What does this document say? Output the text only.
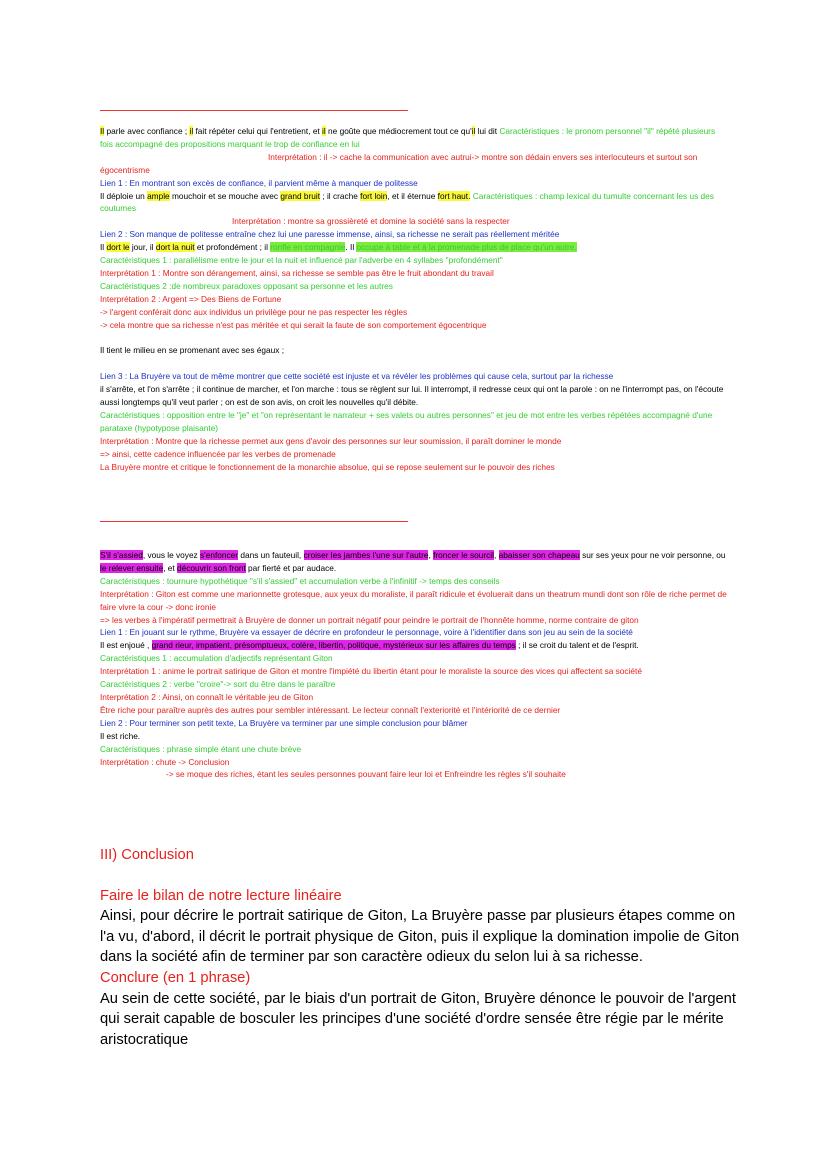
Il parle avec confiance ; il fait répéter celui qui l'entretient, et il ne goûte que médiocrement tout ce qu'il lui dit Caractéristiques : le pronom personnel "il" répété plusieurs fois accompagné des propositions marquant le trop de confiance en lui

Interprétation : il -> cache la communication avec autrui-> montre son dédain envers ses interlocuteurs et surtout son égocentrisme

Lien 1 : En montrant son excès de confiance, il parvient même à manquer de politesse

Il déploie un ample mouchoir et se mouche avec grand bruit ; il crache fort loin, et il éternue fort haut. Caractéristiques : champ lexical du tumulte concernant les us des coutumes

Interprétation : montre sa grossièreté et domine la société sans la respecter

Lien 2 : Son manque de politesse entraîne chez lui une paresse immense, ainsi, sa richesse ne serait pas réellement méritée

Il dort le jour, il dort la nuit et profondément ; il ronfle en compagnie. Il occupe à table et à la promenade plus de place qu'un autre.

Caractéristiques 1 : parallélisme entre le jour et la nuit et influencé par l'adverbe en 4 syllabes "profondément"

Interprétation 1 : Montre son dérangement, ainsi, sa richesse se semble pas être le fruit abondant du travail

Caractéristiques 2 :de nombreux paradoxes opposant sa personne et les autres

Interprétation 2 : Argent => Des Biens de Fortune

-> l'argent conférait donc aux individus un privilège pour ne pas respecter les règles

-> cela montre que sa richesse n'est pas méritée et qui serait la faute de son comportement égocentrique

Il tient le milieu en se promenant avec ses égaux ;

Lien 3 : La Bruyère va tout de même montrer que cette société est injuste et va révéler les problèmes qui cause cela, surtout par la richesse

il s'arrête, et l'on s'arrête ; il continue de marcher, et l'on marche : tous se règlent sur lui. Il interrompt, il redresse ceux qui ont la parole : on ne l'interrompt pas, on l'écoute aussi longtemps qu'il veut parler ; on est de son avis, on croit les nouvelles qu'il débite.

Caractéristiques : opposition entre le "je" et "on représentant le narrateur + ses valets ou autres personnes" et jeu de mot entre les verbes répétées accompagné d'une parataxe (hypotypose plaisante)

Interprétation : Montre que la richesse permet aux gens d'avoir des personnes sur leur soumission, il paraît dominer le monde

=> ainsi, cette cadence influencée par les verbes de promenade

La Bruyère montre et critique le fonctionnement de la monarchie absolue, qui se repose seulement sur le pouvoir des riches

S'il s'assied, vous le voyez s'enfoncer dans un fauteuil, croiser les jambes l'une sur l'autre, froncer le sourcil, abaisser son chapeau sur ses yeux pour ne voir personne, ou le relever ensuite, et découvrir son front par fierté et par audace.

Caractéristiques : tournure hypothétique "s'il s'assied" et accumulation verbe à l'infinitif -> temps des conseils

Interprétation : Giton est comme une marionnette grotesque, aux yeux du moraliste, il paraît ridicule et évoluerait dans un theatrum mundi dont son rôle de riche permet de faire vivre la cour -> donc ironie

=> les verbes à l'impératif permettrait à Bruyère de donner un portrait négatif pour peindre le portrait de l'honnête homme, norme contraire de giton

Lien 1 : En jouant sur le rythme, Bruyère va essayer de décrire en profondeur le personnage, voire à l'identifier dans son jeu au sein de la société

Il est enjoué , grand rieur, impatient, présomptueux, colère, libertin, politique, mystérieux sur les affaires du temps ; il se croit du talent et de l'esprit.

Caractéristiques 1 : accumulation d'adjectifs représentant Giton

Interprétation 1 : anime le portrait satirique de Giton et montre l'impiété du libertin étant pour le moraliste la source des vices qui affectent sa société

Caractéristiques 2 : verbe "croire"-> sort du être dans le paraître

Interprétation 2 : Ainsi, on connaît le véritable jeu de Giton

Être riche pour paraître auprès des autres pour sembler intéressant. Le lecteur connaît l'exteriorité et l'intériorité de ce dernier

Lien 2 : Pour terminer son petit texte, La Bruyère va terminer par une simple conclusion pour blâmer

Il est riche.

Caractéristiques : phrase simple étant une chute brève

Interprétation : chute -> Conclusion

-> se moque des riches, étant les seules personnes pouvant faire leur loi et Enfreindre les règles s'il souhaite

III) Conclusion

Faire le bilan de notre lecture linéaire

Ainsi, pour décrire le portrait satirique de Giton, La Bruyère passe par plusieurs étapes comme on l'a vu, d'abord, il décrit le portrait physique de Giton, puis il explique la domination impolie de Giton dans la société afin de terminer par son caractère odieux du selon lui à sa richesse.

Conclure (en 1 phrase)

Au sein de cette société, par le biais d'un portrait de Giton, Bruyère dénonce le pouvoir de l'argent qui serait capable de bosculer les principes d'une société d'ordre sensée être régie par le mérite aristocratique
